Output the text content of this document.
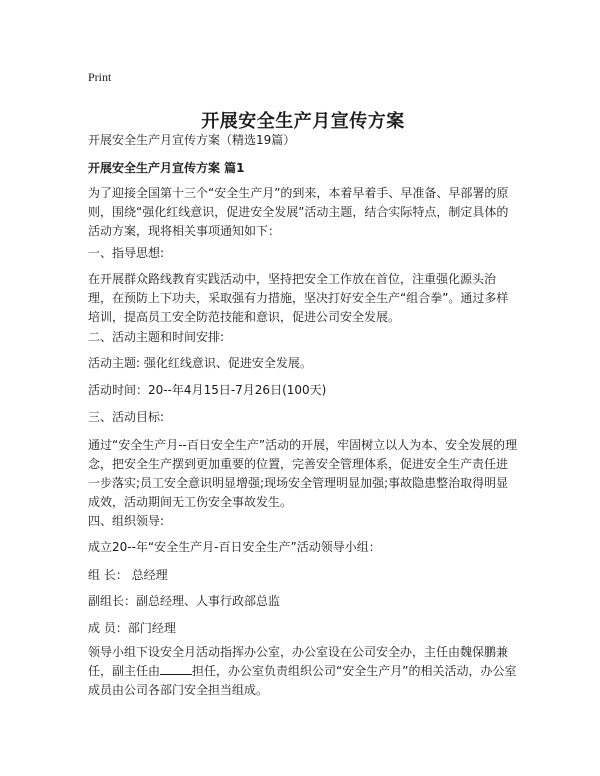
Print
开展安全生产月宣传方案

开展安全生产月宣传方案（精选19篇）

开展安全生产月宣传方案 篇1

为了迎接全国第十三个“安全生产月”的到来，本着早着手、早准备、早部署的原则，围绕“强化红线意识，促进安全发展”活动主题，结合实际特点，制定具体的活动方案，现将相关事项通知如下：

一、指导思想:

在开展群众路线教育实践活动中，坚持把安全工作放在首位，注重强化源头治理，在预防上下功夫，采取强有力措施，坚决打好安全生产“组合拳”。通过多样培训，提高员工安全防范技能和意识，促进公司安全发展。

二、活动主题和时间安排:

活动主题: 强化红线意识、促进安全发展。

活动时间：20--年4月15日-7月26日(100天)

三、活动目标:

通过“安全生产月--百日安全生产”活动的开展，牢固树立以人为本、安全发展的理念，把安全生产摆到更加重要的位置，完善安全管理体系，促进安全生产责任进一步落实;员工安全意识明显增强;现场安全管理明显加强;事故隐患整治取得明显成效，活动期间无工伤安全事故发生。

四、组织领导:

成立20--年“安全生产月-百日安全生产”活动领导小组：

组 长： 总经理

副组长：副总经理、人事行政部总监

成 员：部门经理

领导小组下设安全月活动指挥办公室，办公室设在公司安全办，主任由魏保鹏兼任，副主任由	担任，办公室负责组织公司“安全生产月”的相关活动，办公室成员由公司各部门安全担当组成。
